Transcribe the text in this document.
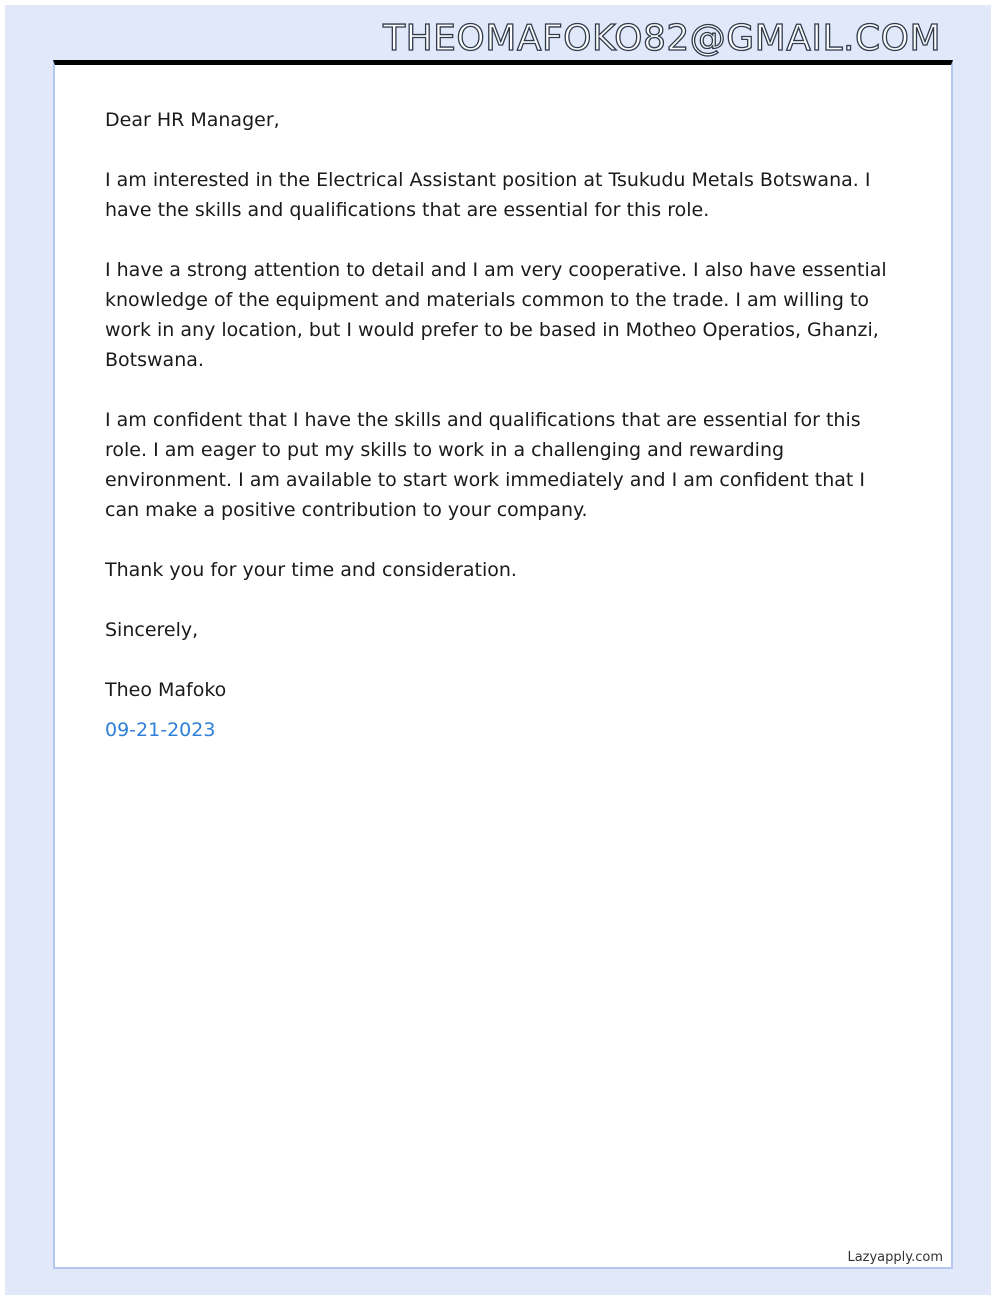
THEOMAFOKO82@GMAIL.COM

Dear HR Manager,

I am interested in the Electrical Assistant position at Tsukudu Metals Botswana. I have the skills and qualifications that are essential for this role.

I have a strong attention to detail and I am very cooperative. I also have essential knowledge of the equipment and materials common to the trade. I am willing to work in any location, but I would prefer to be based in Motheo Operatios, Ghanzi, Botswana.

I am confident that I have the skills and qualifications that are essential for this role. I am eager to put my skills to work in a challenging and rewarding environment. I am available to start work immediately and I am confident that I can make a positive contribution to your company.

Thank you for your time and consideration.

Sincerely,

Theo Mafoko

09-21-2023

Lazyapply.com
